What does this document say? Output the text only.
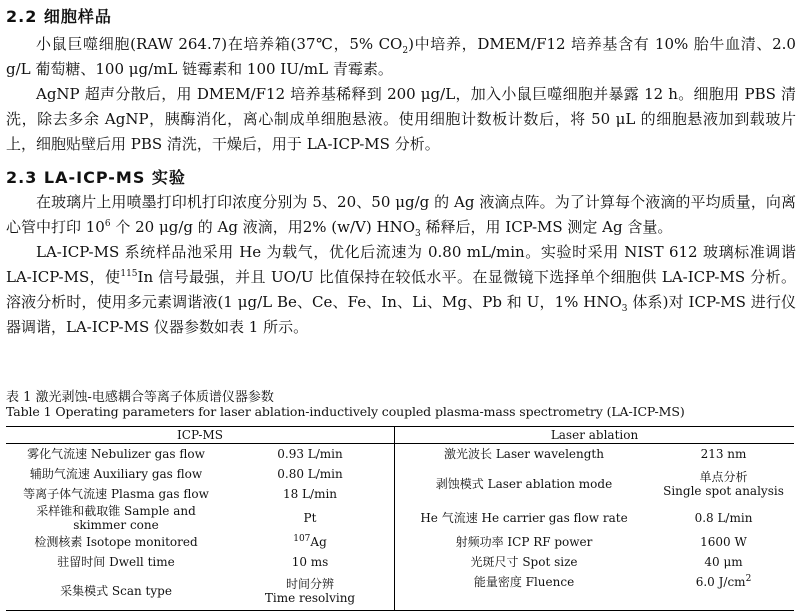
2.2 细胞样品

小鼠巨噬细胞(RAW 264.7)在培养箱(37℃，5% $CO_2$)中培养，DMEM/F12 培养基含有 10% 胎牛血清、2.0 g/L 葡萄糖、100 μg/mL 链霉素和 100 IU/mL 青霉素。

AgNP 超声分散后，用 DMEM/F12 培养基稀释到 200 μg/L，加入小鼠巨噬细胞并暴露 12 h。细胞用 PBS 清洗，除去多余 AgNP，胰酶消化，离心制成单细胞悬液。使用细胞计数板计数后，将 50 μL 的细胞悬液加到载玻片上，细胞贴壁后用 PBS 清洗，干燥后，用于 LA-ICP-MS 分析。

2.3 LA-ICP-MS 实验

在玻璃片上用喷墨打印机打印浓度分别为 5、20、50 μg/g 的 Ag 液滴点阵。为了计算每个液滴的平均质量，向离心管中打印 $10^6$ 个 20 μg/g 的 Ag 液滴，用2% (w/V) $HNO_3$ 稀释后，用 ICP-MS 测定 Ag 含量。

LA-ICP-MS 系统样品池采用 He 为载气，优化后流速为 0.80 mL/min。实验时采用 NIST 612 玻璃标准调谐 LA-ICP-MS，使$^{115}$In 信号最强，并且 UO/U 比值保持在较低水平。在显微镜下选择单个细胞供 LA-ICP-MS 分析。溶液分析时，使用多元素调谐液(1 μg/L Be、Ce、Fe、In、Li、Mg、Pb 和 U，1% $HNO_3$ 体系)对 ICP-MS 进行仪器调谐，LA-ICP-MS 仪器参数如表 1 所示。

表 1 激光剥蚀-电感耦合等离子体质谱仪器参数
Table 1 Operating parameters for laser ablation-inductively coupled plasma-mass spectrometry (LA-ICP-MS)
ICP-MS		Laser ablation	
雾化气流速 Nebulizer gas flow	0.93 L/min	激光波长 Laser wavelength	213 nm
辅助气流速 Auxiliary gas flow	0.80 L/min	剥蚀模式 Laser ablation mode	单点分析
Single spot analysis
等离子体气流速 Plasma gas flow	18 L/min		
采样锥和截取锥 Sample and skimmer cone	Pt	He 气流速 He carrier gas flow rate	0.8 L/min
检测核素 Isotope monitored	$^{107}$Ag	射频功率 ICP RF power	1600 W
驻留时间 Dwell time	10 ms	光斑尺寸 Spot size	40 μm
采集模式 Scan type	时间分辨
Time resolving	能量密度 Fluence	6.0 $J/cm^2$
